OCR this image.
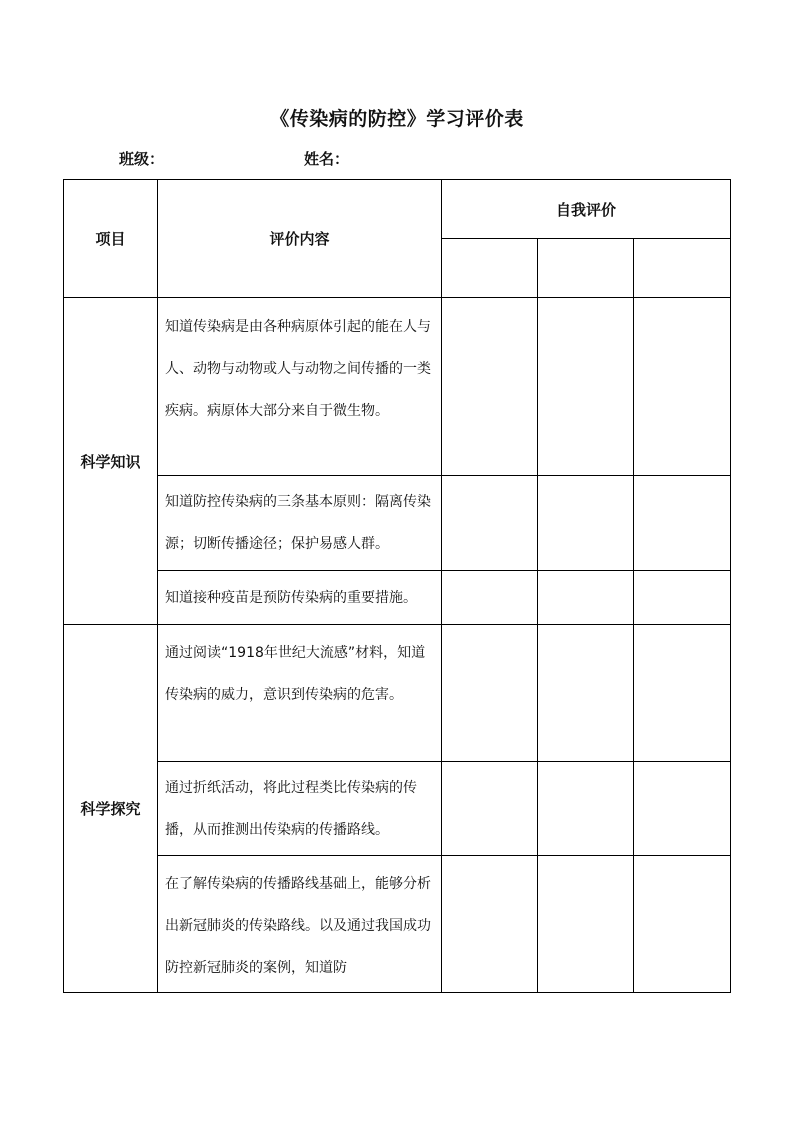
《传染病的防控》学习评价表
班级：	姓名：
项目	评价内容	自我评价		

科学知识	知道传染病是由各种病原体引起的能在人与人、动物与动物或人与动物之间传播的一类疾病。病原体大部分来自于微生物。			
	知道防控传染病的三条基本原则：隔离传染源；切断传播途径；保护易感人群。			
	知道接种疫苗是预防传染病的重要措施。			
科学探究	通过阅读“1918年世纪大流感”材料，知道传染病的威力，意识到传染病的危害。			
	通过折纸活动，将此过程类比传染病的传播，从而推测出传染病的传播路线。			
	在了解传染病的传播路线基础上，能够分析出新冠肺炎的传染路线。以及通过我国成功防控新冠肺炎的案例，知道防			
